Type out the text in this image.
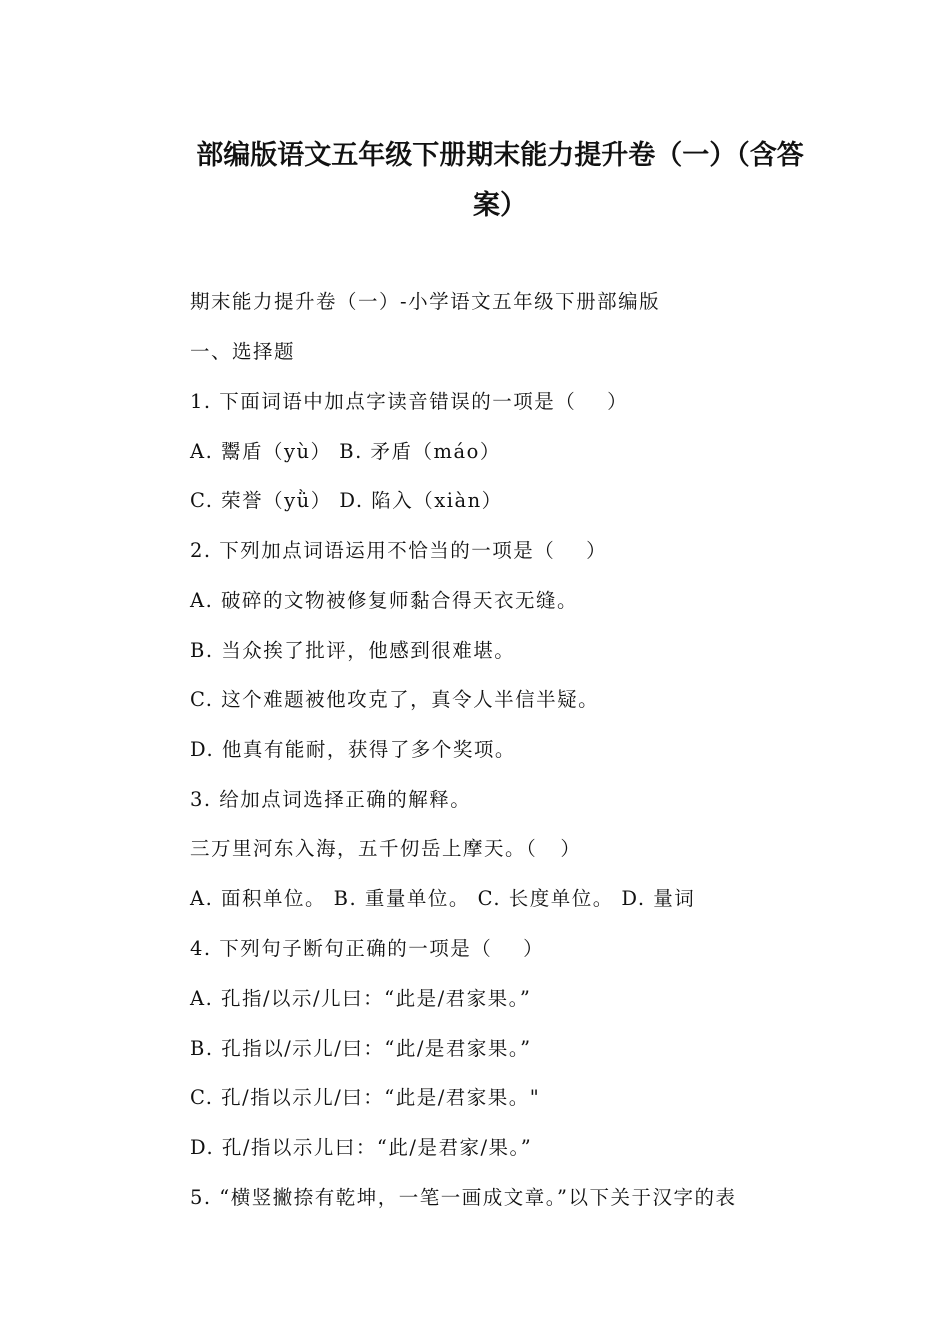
部编版语文五年级下册期末能力提升卷（一）（含答
案）
期末能力提升卷（一）-小学语文五年级下册部编版
一、选择题
1. 下面词语中加点字读音错误的一项是（    ）
A. 鬻盾（yù） B. 矛盾（máo）
C. 荣誉（yǜ） D. 陷入（xiàn）
2. 下列加点词语运用不恰当的一项是（    ）
A. 破碎的文物被修复师黏合得天衣无缝。
B. 当众挨了批评，他感到很难堪。
C. 这个难题被他攻克了，真令人半信半疑。
D. 他真有能耐，获得了多个奖项。
3. 给加点词选择正确的解释。
三万里河东入海，五千仞岳上摩天。（   ）
A. 面积单位。 B. 重量单位。 C. 长度单位。 D. 量词
4. 下列句子断句正确的一项是（    ）
A. 孔指/以示/儿曰：“此是/君家果。”
B. 孔指以/示儿/曰：“此/是君家果。”
C. 孔/指以示儿/曰：“此是/君家果。"
D. 孔/指以示儿曰：“此/是君家/果。”
5. “横竖撇捺有乾坤，一笔一画成文章。”以下关于汉字的表
